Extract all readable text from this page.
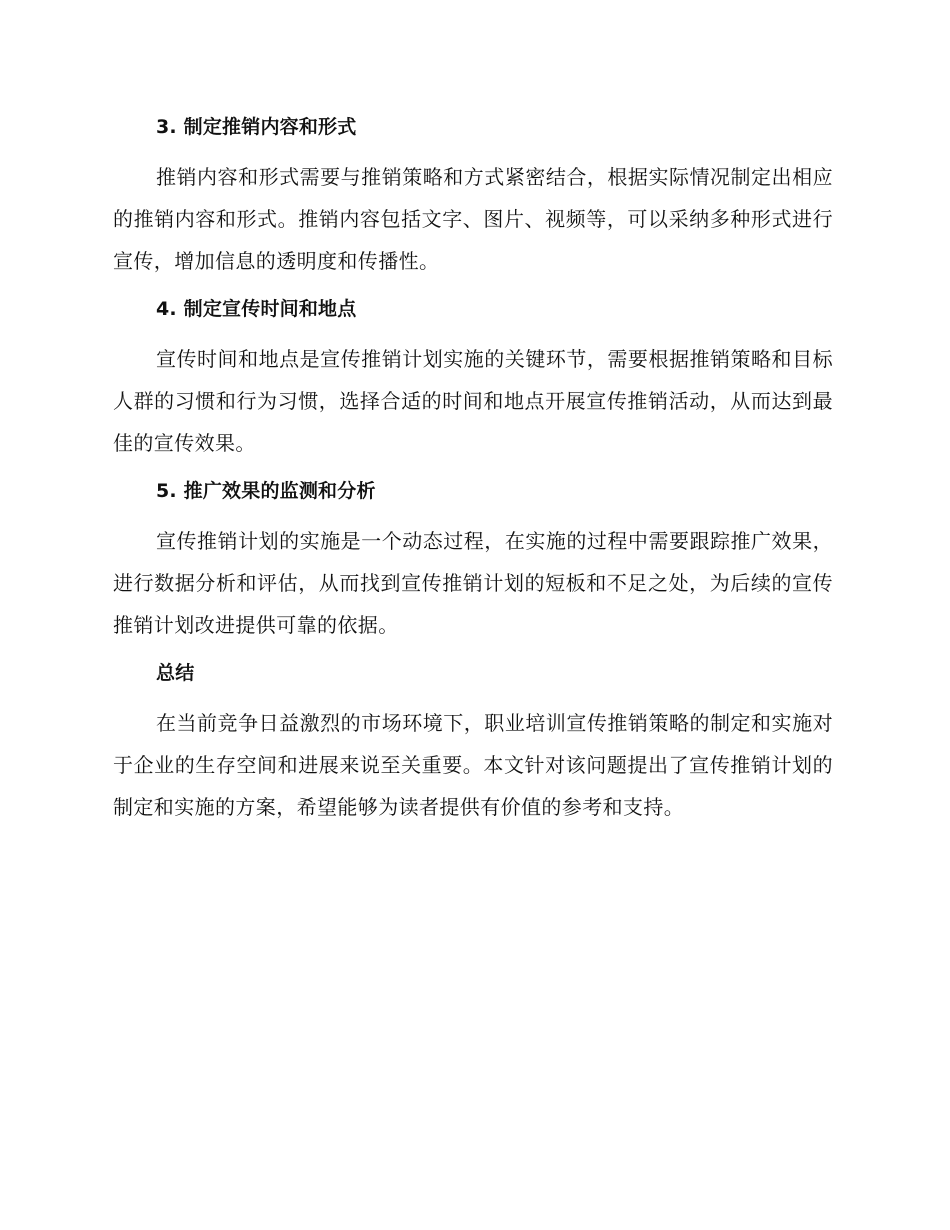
3. 制定推销内容和形式

推销内容和形式需要与推销策略和方式紧密结合，根据实际情况制定出相应的推销内容和形式。推销内容包括文字、图片、视频等，可以采纳多种形式进行宣传，增加信息的透明度和传播性。

4. 制定宣传时间和地点

宣传时间和地点是宣传推销计划实施的关键环节，需要根据推销策略和目标人群的习惯和行为习惯，选择合适的时间和地点开展宣传推销活动，从而达到最佳的宣传效果。

5. 推广效果的监测和分析

宣传推销计划的实施是一个动态过程，在实施的过程中需要跟踪推广效果，进行数据分析和评估，从而找到宣传推销计划的短板和不足之处，为后续的宣传推销计划改进提供可靠的依据。

总结

在当前竞争日益激烈的市场环境下，职业培训宣传推销策略的制定和实施对于企业的生存空间和进展来说至关重要。本文针对该问题提出了宣传推销计划的制定和实施的方案，希望能够为读者提供有价值的参考和支持。
